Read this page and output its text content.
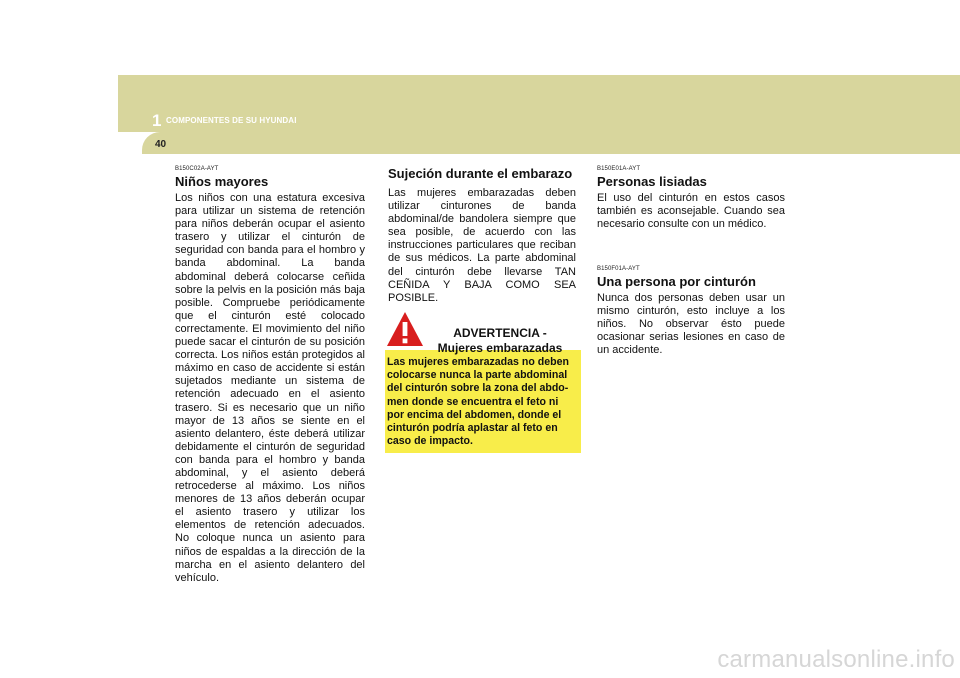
1 COMPONENTES DE SU HYUNDAI
40
B150C02A-AYT
Niños mayores

Los niños con una estatura excesiva para utilizar un sistema de retención para niños deberán ocupar el asiento trasero y utilizar el cinturón de seguridad con banda para el hombro y banda abdominal. La banda abdominal deberá colocarse ceñida sobre la pelvis en la posición más baja posible. Compruebe periódicamente que el cinturón esté colocado correctamente. El movimiento del niño puede sacar el cinturón de su posición correcta. Los niños están protegidos al máximo en caso de accidente si están sujetados mediante un sistema de retención adecuado en el asiento trasero. Si es necesario que un niño mayor de 13 años se siente en el asiento delantero, éste deberá utilizar debidamente el cinturón de seguridad con banda para el hombro y banda abdominal, y el asiento deberá retrocederse al máximo. Los niños menores de 13 años deberán ocupar el asiento trasero y utilizar los elementos de retención adecuados. No coloque nunca un asiento para niños de espaldas a la dirección de la marcha en el asiento delantero del vehículo.

Sujeción durante el embarazo

Las mujeres embarazadas deben utilizar cinturones de banda abdominal/de bandolera siempre que sea posible, de acuerdo con las instrucciones particulares que reciban de sus médicos. La parte abdominal del cinturón debe llevarse TAN CEÑIDA Y BAJA COMO SEA POSIBLE.

ADVERTENCIA -
Mujeres embarazadas
Las mujeres embarazadas no deben colocarse nunca la parte abdominal del cinturón sobre la zona del abdo-men donde se encuentra el feto ni por encima del abdomen, donde el cinturón podría aplastar al feto en caso de impacto.
B150E01A-AYT
Personas lisiadas

El uso del cinturón en estos casos también es aconsejable. Cuando sea necesario consulte con un médico.

B150F01A-AYT
Una persona por cinturón

Nunca dos personas deben usar un mismo cinturón, esto incluye a los niños. No observar ésto puede ocasionar serias lesiones en caso de un accidente.

carmanualsonline.info
